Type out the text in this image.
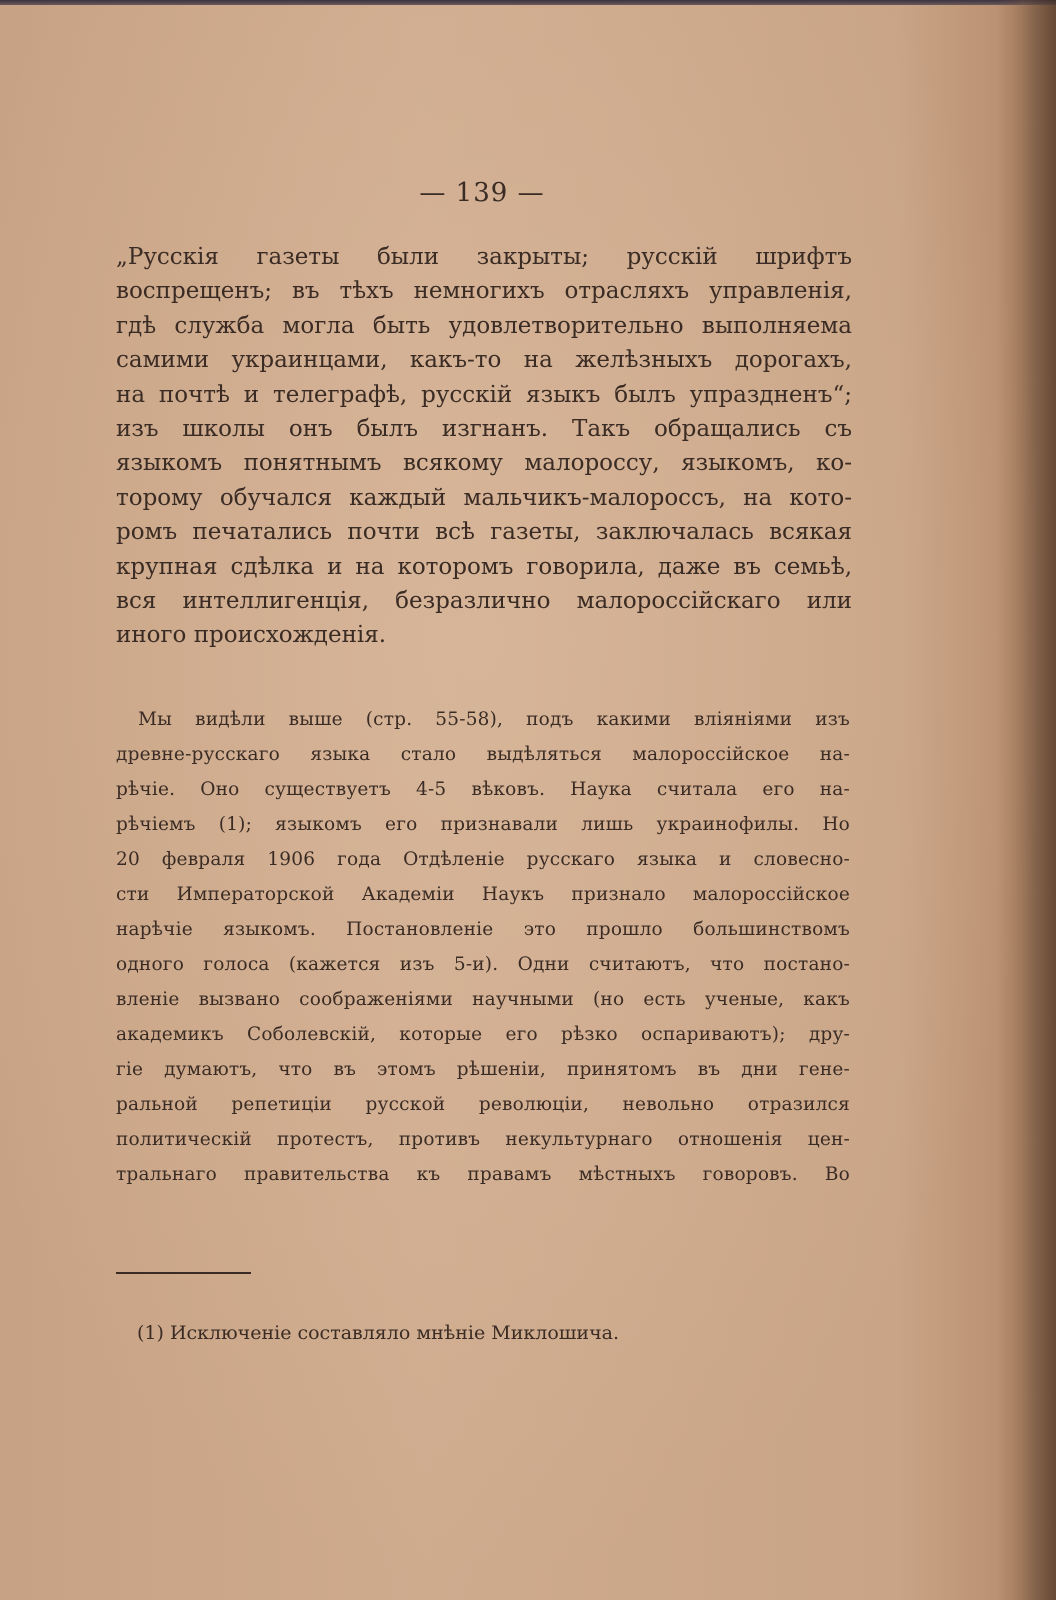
— 139 —
„Русскія газеты были закрыты; русскій шрифтъ
воспрещенъ; въ тѣхъ немногихъ отрасляхъ управленія,
гдѣ служба могла быть удовлетворительно выполняема
самими украинцами, какъ-то на желѣзныхъ дорогахъ,
на почтѣ и телеграфѣ, русскій языкъ былъ упраздненъ“;
изъ школы онъ былъ изгнанъ. Такъ обращались съ
языкомъ понятнымъ всякому малороссу, языкомъ, ко-
торому обучался каждый мальчикъ-малороссъ, на кото-
ромъ печатались почти всѣ газеты, заключалась всякая
крупная сдѣлка и на которомъ говорила, даже въ семьѣ,
вся интеллигенція, безразлично малороссійскаго или
иного происхожденія.
Мы видѣли выше (стр. 55-58), подъ какими вліяніями изъ
древне-русскаго языка стало выдѣляться малороссійское на-
рѣчіе. Оно существуетъ 4-5 вѣковъ. Наука считала его на-
рѣчіемъ (1); языкомъ его признавали лишь украинофилы. Но
20 февраля 1906 года Отдѣленіе русскаго языка и словесно-
сти Императорской Академіи Наукъ признало малороссійское
нарѣчіе языкомъ. Постановленіе это прошло большинствомъ
одного голоса (кажется изъ 5-и). Одни считаютъ, что постано-
вленіе вызвано соображеніями научными (но есть ученые, какъ
академикъ Соболевскій, которые его рѣзко оспариваютъ); дру-
гіе думаютъ, что въ этомъ рѣшеніи, принятомъ въ дни гене-
ральной репетиціи русской революціи, невольно отразился
политическій протестъ, противъ некультурнаго отношенія цен-
тральнаго правительства къ правамъ мѣстныхъ говоровъ. Во
(1) Исключеніе составляло мнѣніе Миклошича.
